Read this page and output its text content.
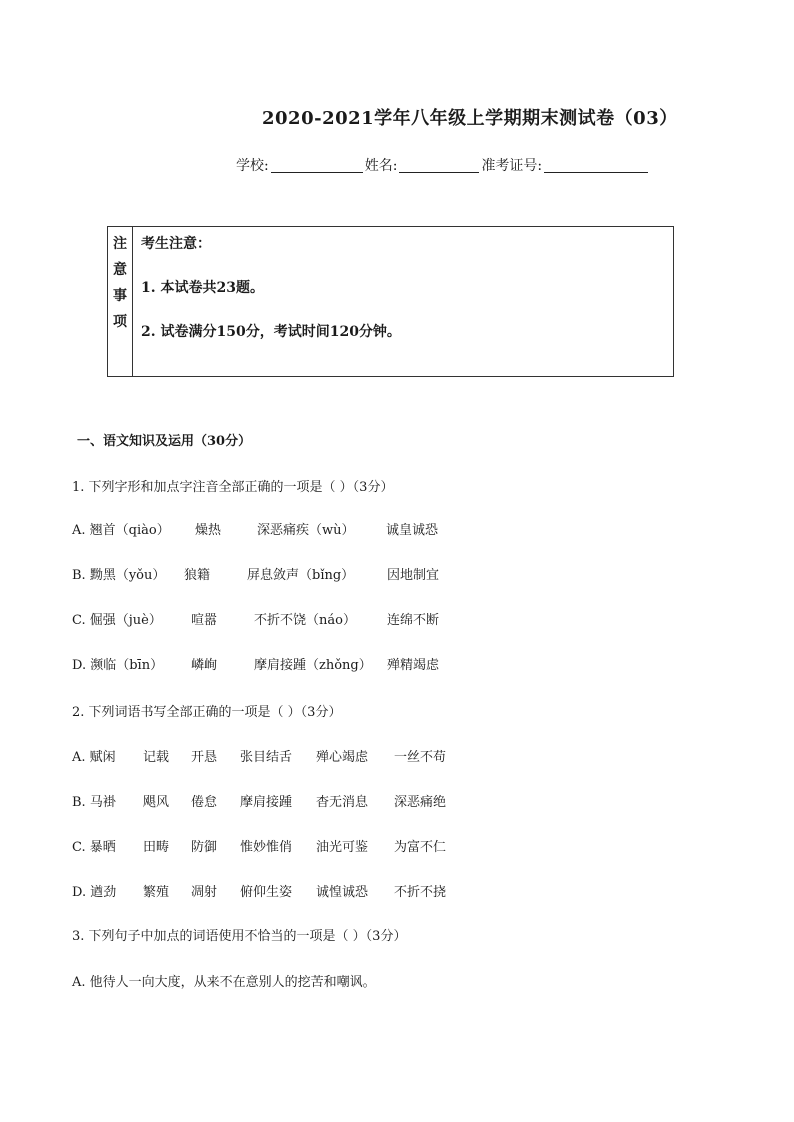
2020-2021学年八年级上学期期末测试卷（03）
学校:	姓名:	准考证号:
注
意
事
项
考生注意：
1. 本试卷共23题。
2. 试卷满分150分，考试时间120分钟。
一、语文知识及运用（30分）
1. 下列字形和加点字注音全部正确的一项是（ ）（3分）
A. 翘首（qiào）	燥热	深恶痛疾（wù）	诚皇诚恐
B. 黝黑（yǒu）	狼籍	屏息敛声（bǐng）	因地制宜
C. 倔强（juè）	喧嚣	不折不饶（náo）	连绵不断
D. 濒临（bīn）	嶙峋	摩肩接踵（zhǒng）	殚精竭虑
2. 下列词语书写全部正确的一项是（ ）（3分）
A. 赋闲	记载	开恳	张目结舌	殚心竭虑	一丝不苟
B. 马褂	飓风	倦怠	摩肩接踵	杳无消息	深恶痛绝
C. 暴晒	田畴	防御	惟妙惟俏	油光可鉴	为富不仁
D. 遒劲	繁殖	凋射	俯仰生姿	诚惶诚恐	不折不挠
3. 下列句子中加点的词语使用不恰当的一项是（ ）（3分）
A. 他待人一向大度，从来不在意别人的挖苦和嘲讽。
